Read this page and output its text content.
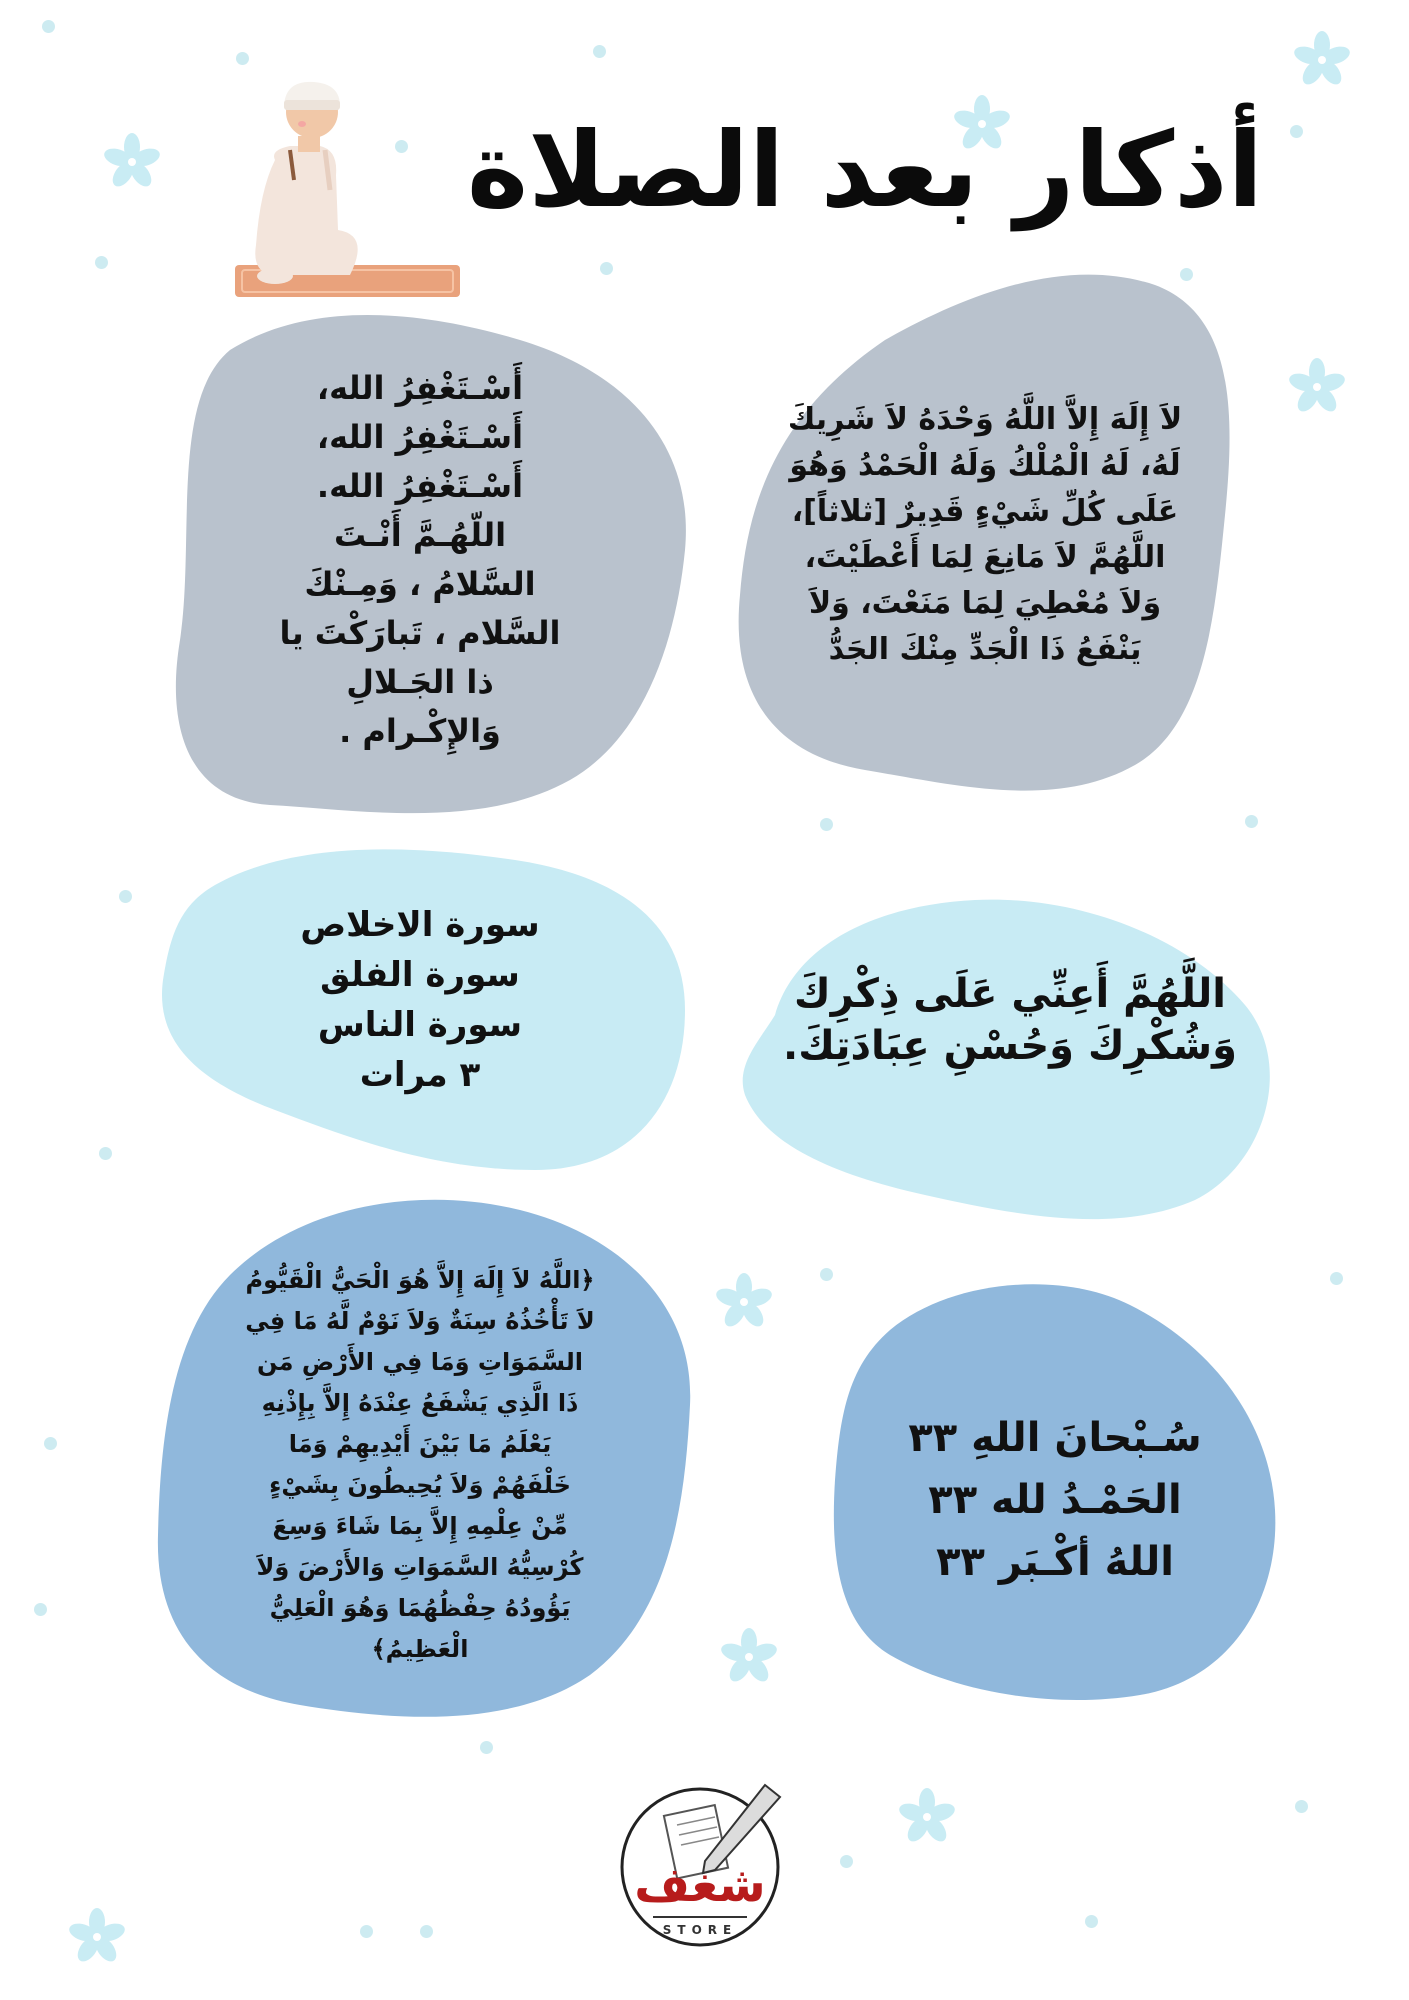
أذكار بعد الصلاة
لاَ إِلَهَ إِلاَّ اللَّهُ وَحْدَهُ لاَ شَرِيكَ
لَهُ، لَهُ الْمُلْكُ وَلَهُ الْحَمْدُ وَهُوَ
عَلَى كُلِّ شَيْءٍ قَدِيرٌ [ثلاثاً]،
اللَّهُمَّ لاَ مَانِعَ لِمَا أَعْطَيْتَ،
وَلاَ مُعْطِيَ لِمَا مَنَعْتَ، وَلاَ
يَنْفَعُ ذَا الْجَدِّ مِنْكَ الجَدُّ
أَسْـتَغْفِرُ الله،
أَسْـتَغْفِرُ الله،
أَسْـتَغْفِرُ الله.
اللّهُـمَّ أَنْـتَ
السَّلامُ ، وَمِـنْكَ
السَّلام ، تَبارَكْتَ يا
ذا الجَـلالِ
وَالإِكْـرام .
سورة الاخلاص
سورة الفلق
سورة الناس
٣ مرات
اللَّهُمَّ أَعِنِّي عَلَى ذِكْرِكَ
وَشُكْرِكَ وَحُسْنِ عِبَادَتِكَ.
﴿اللَّهُ لاَ إِلَهَ إِلاَّ هُوَ الْحَيُّ الْقَيُّومُ
لاَ تَأْخُذُهُ سِنَةٌ وَلاَ نَوْمٌ لَّهُ مَا فِي
السَّمَوَاتِ وَمَا فِي الأَرْضِ مَن
ذَا الَّذِي يَشْفَعُ عِنْدَهُ إِلاَّ بِإِذْنِهِ
يَعْلَمُ مَا بَيْنَ أَيْدِيهِمْ وَمَا
خَلْفَهُمْ وَلاَ يُحِيطُونَ بِشَيْءٍ
مِّنْ عِلْمِهِ إِلاَّ بِمَا شَاءَ وَسِعَ
كُرْسِيُّهُ السَّمَوَاتِ وَالأَرْضَ وَلاَ
يَؤُودُهُ حِفْظُهُمَا وَهُوَ الْعَلِيُّ
الْعَظِيمُ﴾
سُـبْحانَ اللهِ ٣٣
الحَمْـدُ لله ٣٣
اللهُ أكْـبَر ٣٣
شغف
STORE
